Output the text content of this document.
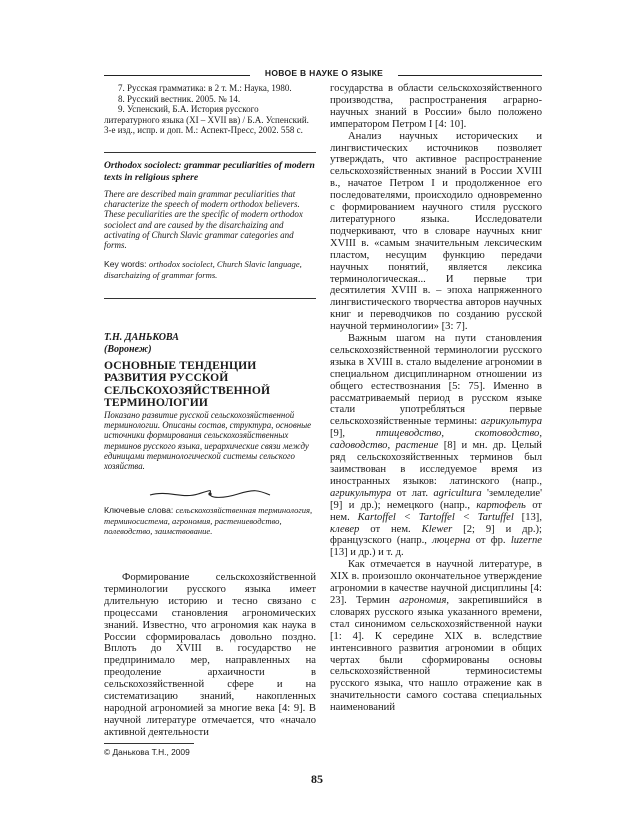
НОВОЕ В НАУКЕ О ЯЗЫКЕ

7. Русская грамматика: в 2 т. М.: Наука, 1980.

8. Русский вестник. 2005. № 14.

9. Успенский, Б.А. История русского литературного языка (XI – XVII вв) / Б.А. Успенский. 3-е изд., испр. и доп. М.: Аспект-Пресс, 2002. 558 с.

Orthodox sociolect: grammar peculiarities of modern texts in religious sphere

There are described main grammar peculiarities that characterize the speech of modern orthodox believers. These peculiarities are the specific of modern orthodox sociolect and are caused by the disarchaizing and activating of Church Slavic grammar categories and forms.

Key words: orthodox sociolect, Church Slavic language, disarchaizing of grammar forms.

Т.Н. ДАНЬКОВА

(Воронеж)

ОСНОВНЫЕ ТЕНДЕНЦИИ РАЗВИТИЯ РУССКОЙ СЕЛЬСКОХОЗЯЙСТВЕННОЙ ТЕРМИНОЛОГИИ

Показано развитие русской сельскохозяйственной терминологии. Описаны состав, структура, основные источники формирования сельскохозяйственных терминов русского языка, иерархические связи между единицами терминологической системы сельского хозяйства.

Ключевые слова: сельскохозяйственная терминология, терминосистема, агрономия, растениеводство, полеводство, заимствование.

Формирование сельскохозяйственной терминологии русского языка имеет длительную историю и тесно связано с процессами становления агрономических знаний. Известно, что агрономия как наука в России сформировалась довольно поздно. Вплоть до XVIII в. государство не предпринимало мер, направленных на преодоление архаичности в сельскохозяйственной сфере и на систематизацию знаний, накопленных народной агрономией за многие века [4: 9]. В научной литературе отмечается, что «начало активной деятельности

государства в области сельскохозяйственного производства, распространения аграрно-научных знаний в России» было положено императором Петром I [4: 10].

Анализ научных исторических и лингвистических источников позволяет утверждать, что активное распространение сельскохозяйственных знаний в России XVIII в., начатое Петром I и продолженное его последователями, происходило одновременно с формированием научного стиля русского литературного языка. Исследователи подчеркивают, что в словаре научных книг XVIII в. «самым значительным лексическим пластом, несущим функцию передачи научных понятий, является лексика терминологическая... И первые три десятилетия XVIII в. – эпоха напряженного лингвистического творчества авторов научных книг и переводчиков по созданию русской научной терминологии» [3: 7].

Важным шагом на пути становления сельскохозяйственной терминологии русского языка в XVIII в. стало выделение агрономии в специальном дисциплинарном отношении из общего естествознания [5: 75]. Именно в рассматриваемый период в русском языке стали употребляться первые сельскохозяйственные термины: агрикультура [9],	птицеводство, скотоводство, садоводство, растение [8] и мн. др. Целый ряд сельскохозяйственных терминов был заимствован в исследуемое время из иностранных языков: латинского (напр., агрикультура от лат. agricultura 'земледелие' [9] и др.); немецкого (напр., картофель от нем. Kartoffel < Tartoffel < Tartuffel [13], клевер от нем. Klewer [2; 9] и др.); французского (напр., люцерна от фр. luzerne [13] и др.) и т. д.

Как отмечается в научной литературе, в XIX в. произошло окончательное утверждение агрономии в качестве научной дисциплины [4: 23]. Термин агрономия, закрепившийся в словарях русского языка указанного времени, стал синонимом сельскохозяйственной науки [1: 4]. К середине XIX в. вследствие интенсивного развития агрономии в общих чертах были сформированы основы сельскохозяйственной терминосистемы русского языка, что нашло отражение как в значительности самого состава специальных наименований

© Данькова Т.Н., 2009
85
